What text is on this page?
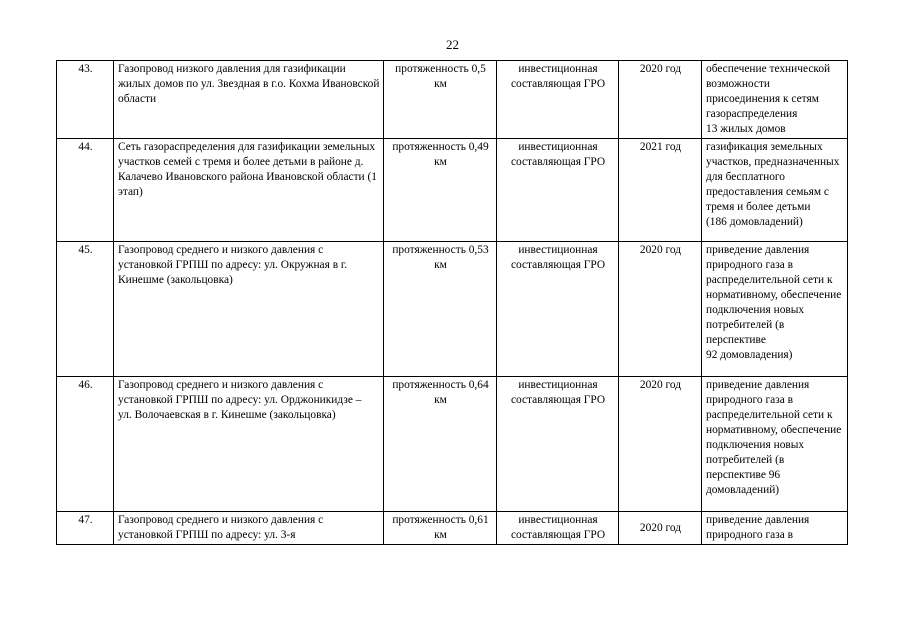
22
43.	Газопровод низкого давления для газификации жилых домов по ул. Звездная в г.о. Кохма Ивановской области	протяженность 0,5 км	инвестиционная составляющая ГРО	2020 год	обеспечение технической возможности присоединения к сетям газораспределения
13 жилых домов
44.	Сеть газораспределения для газификации земельных участков семей с тремя и более детьми в районе д. Калачево Ивановского района Ивановской области (1 этап)	протяженность 0,49 км	инвестиционная составляющая ГРО	2021 год	газификация земельных участков, предназначенных для бесплатного предоставления семьям с тремя и более детьми
(186 домовладений)
45.	Газопровод среднего и низкого давления с установкой ГРПШ по адресу: ул. Окружная в г. Кинешме (закольцовка)	протяженность 0,53 км	инвестиционная составляющая ГРО	2020 год	приведение давления природного газа в распределительной сети к нормативному, обеспечение подключения новых потребителей (в перспективе
92 домовладения)
46.	Газопровод среднего и низкого давления с установкой ГРПШ по адресу: ул. Орджоникидзе –
ул. Волочаевская в г. Кинешме (закольцовка)	протяженность 0,64 км	инвестиционная составляющая ГРО	2020 год	приведение давления природного газа в распределительной сети к нормативному, обеспечение подключения новых потребителей (в перспективе 96 домовладений)
47.	Газопровод среднего и низкого давления с установкой ГРПШ по адресу: ул. 3-я	протяженность 0,61 км	инвестиционная составляющая ГРО	2020 год	приведение давления природного газа в
